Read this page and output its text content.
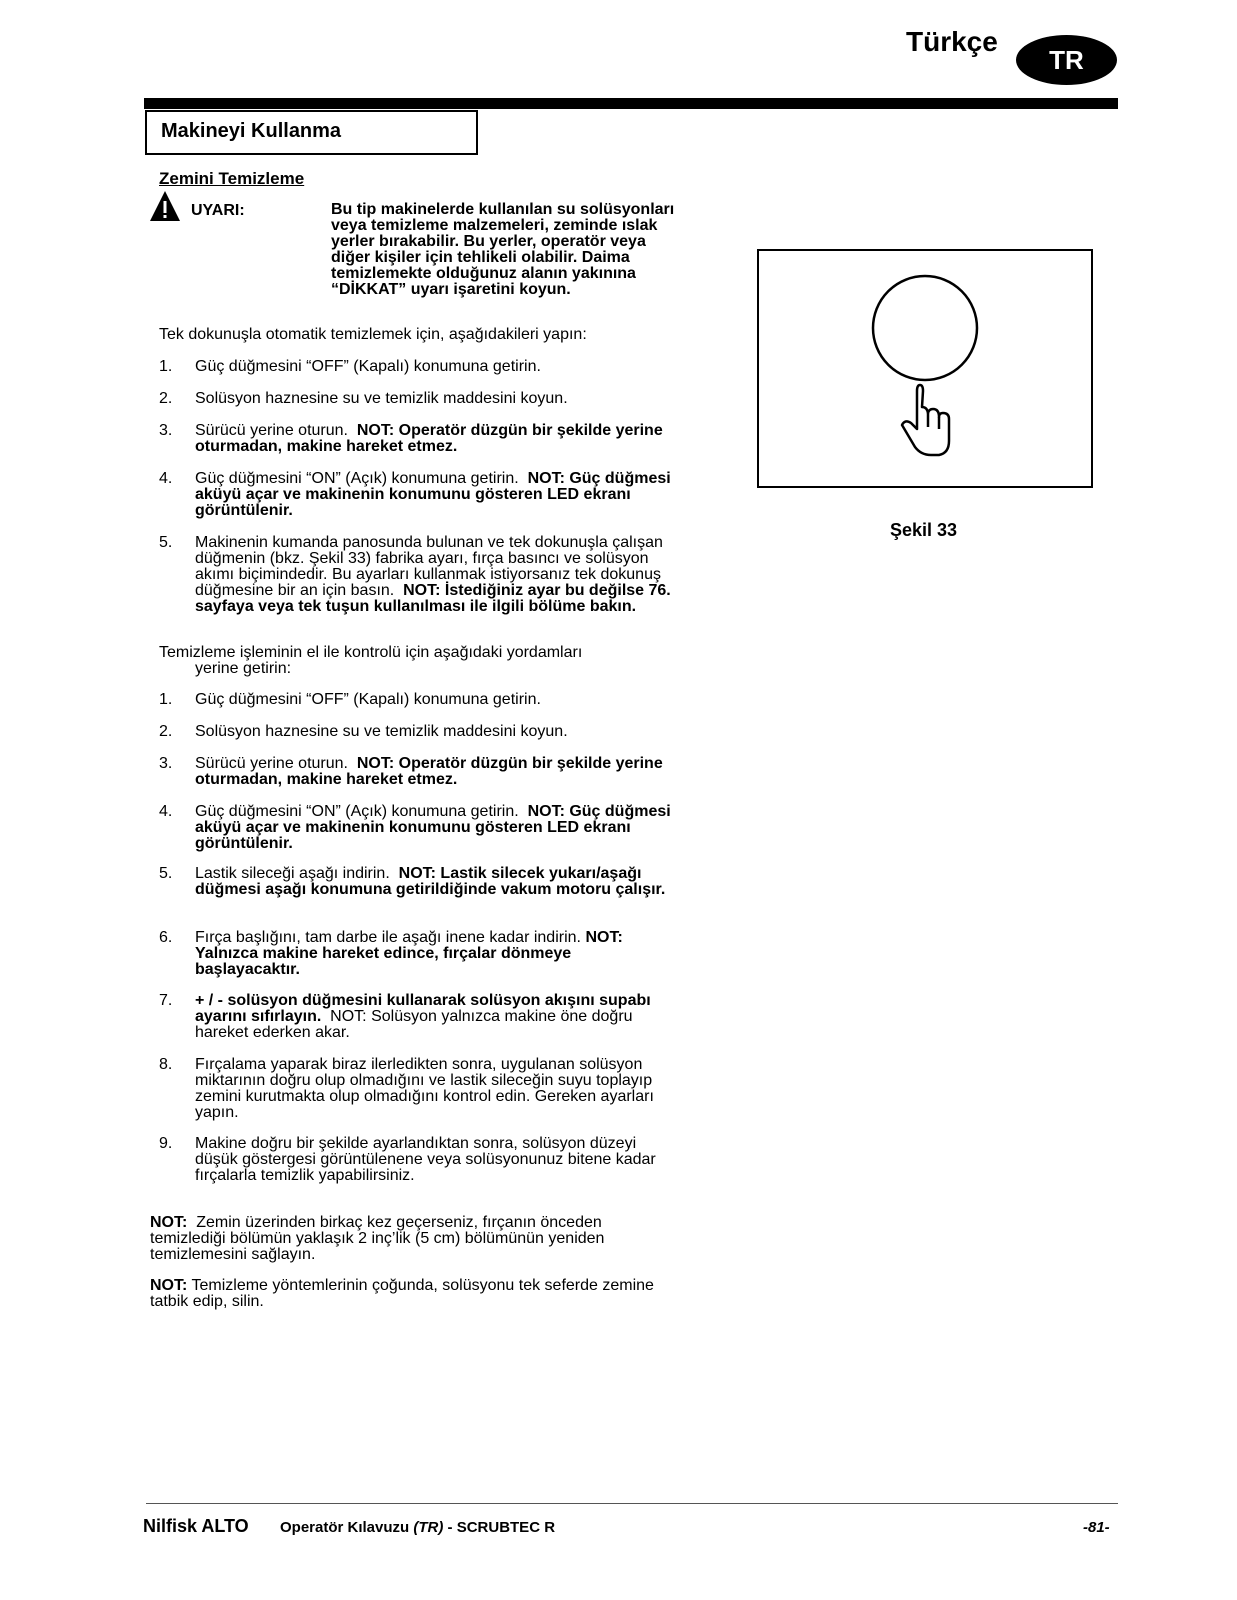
Türkçe
TR
Makineyi Kullanma
Zemini Temizleme
UYARI:	Bu tip makinelerde kullanılan su solüsyonları veya temizleme malzemeleri, zeminde ıslak yerler bırakabilir. Bu yerler, operatör veya diğer kişiler için tehlikeli olabilir. Daima temizlemekte olduğunuz alanın yakınına “DİKKAT” uyarı işaretini koyun.
Tek dokunuşla otomatik temizlemek için, aşağıdakileri yapın:
1. Güç düğmesini “OFF” (Kapalı) konumuna getirin.
2. Solüsyon haznesine su ve temizlik maddesini koyun.
3. Sürücü yerine oturun. NOT: Operatör düzgün bir şekilde yerine oturmadan, makine hareket etmez.
4. Güç düğmesini “ON” (Açık) konumuna getirin. NOT: Güç düğmesi aküyü açar ve makinenin konumunu gösteren LED ekranı görüntülenir.
5. Makinenin kumanda panosunda bulunan ve tek dokunuşla çalışan düğmenin (bkz. Şekil 33) fabrika ayarı, fırça basıncı ve solüsyon akımı biçimindedir. Bu ayarları kullanmak istiyorsanız tek dokunuş düğmesine bir an için basın. NOT: İstediğiniz ayar bu değilse 76. sayfaya veya tek tuşun kullanılması ile ilgili bölüme bakın.
Temizleme işleminin el ile kontrolü için aşağıdaki yordamları
yerine getirin:
1. Güç düğmesini “OFF” (Kapalı) konumuna getirin.
2. Solüsyon haznesine su ve temizlik maddesini koyun.
3. Sürücü yerine oturun. NOT: Operatör düzgün bir şekilde yerine oturmadan, makine hareket etmez.
4. Güç düğmesini “ON” (Açık) konumuna getirin. NOT: Güç düğmesi aküyü açar ve makinenin konumunu gösteren LED ekranı görüntülenir.
5. Lastik sileceği aşağı indirin. NOT: Lastik silecek yukarı/aşağı düğmesi aşağı konumuna getirildiğinde vakum motoru çalışır.
6. Fırça başlığını, tam darbe ile aşağı inene kadar indirin. NOT: Yalnızca makine hareket edince, fırçalar dönmeye başlayacaktır.
7. + / - solüsyon düğmesini kullanarak solüsyon akışını supabı ayarını sıfırlayın. NOT: Solüsyon yalnızca makine öne doğru hareket ederken akar.
8. Fırçalama yaparak biraz ilerledikten sonra, uygulanan solüsyon miktarının doğru olup olmadığını ve lastik sileceğin suyu toplayıp zemini kurutmakta olup olmadığını kontrol edin. Gereken ayarları yapın.
9. Makine doğru bir şekilde ayarlandıktan sonra, solüsyon düzeyi düşük göstergesi görüntülenene veya solüsyonunuz bitene kadar fırçalarla temizlik yapabilirsiniz.
NOT: Zemin üzerinden birkaç kez geçerseniz, fırçanın önceden temizlediği bölümün yaklaşık 2 inç’lik (5 cm) bölümünün yeniden temizlemesini sağlayın.
NOT: Temizleme yöntemlerinin çoğunda, solüsyonu tek seferde zemine tatbik edip, silin.
Şekil 33
Nilfisk ALTO Operatör Kılavuzu (TR) - SCRUBTEC R	-81-
